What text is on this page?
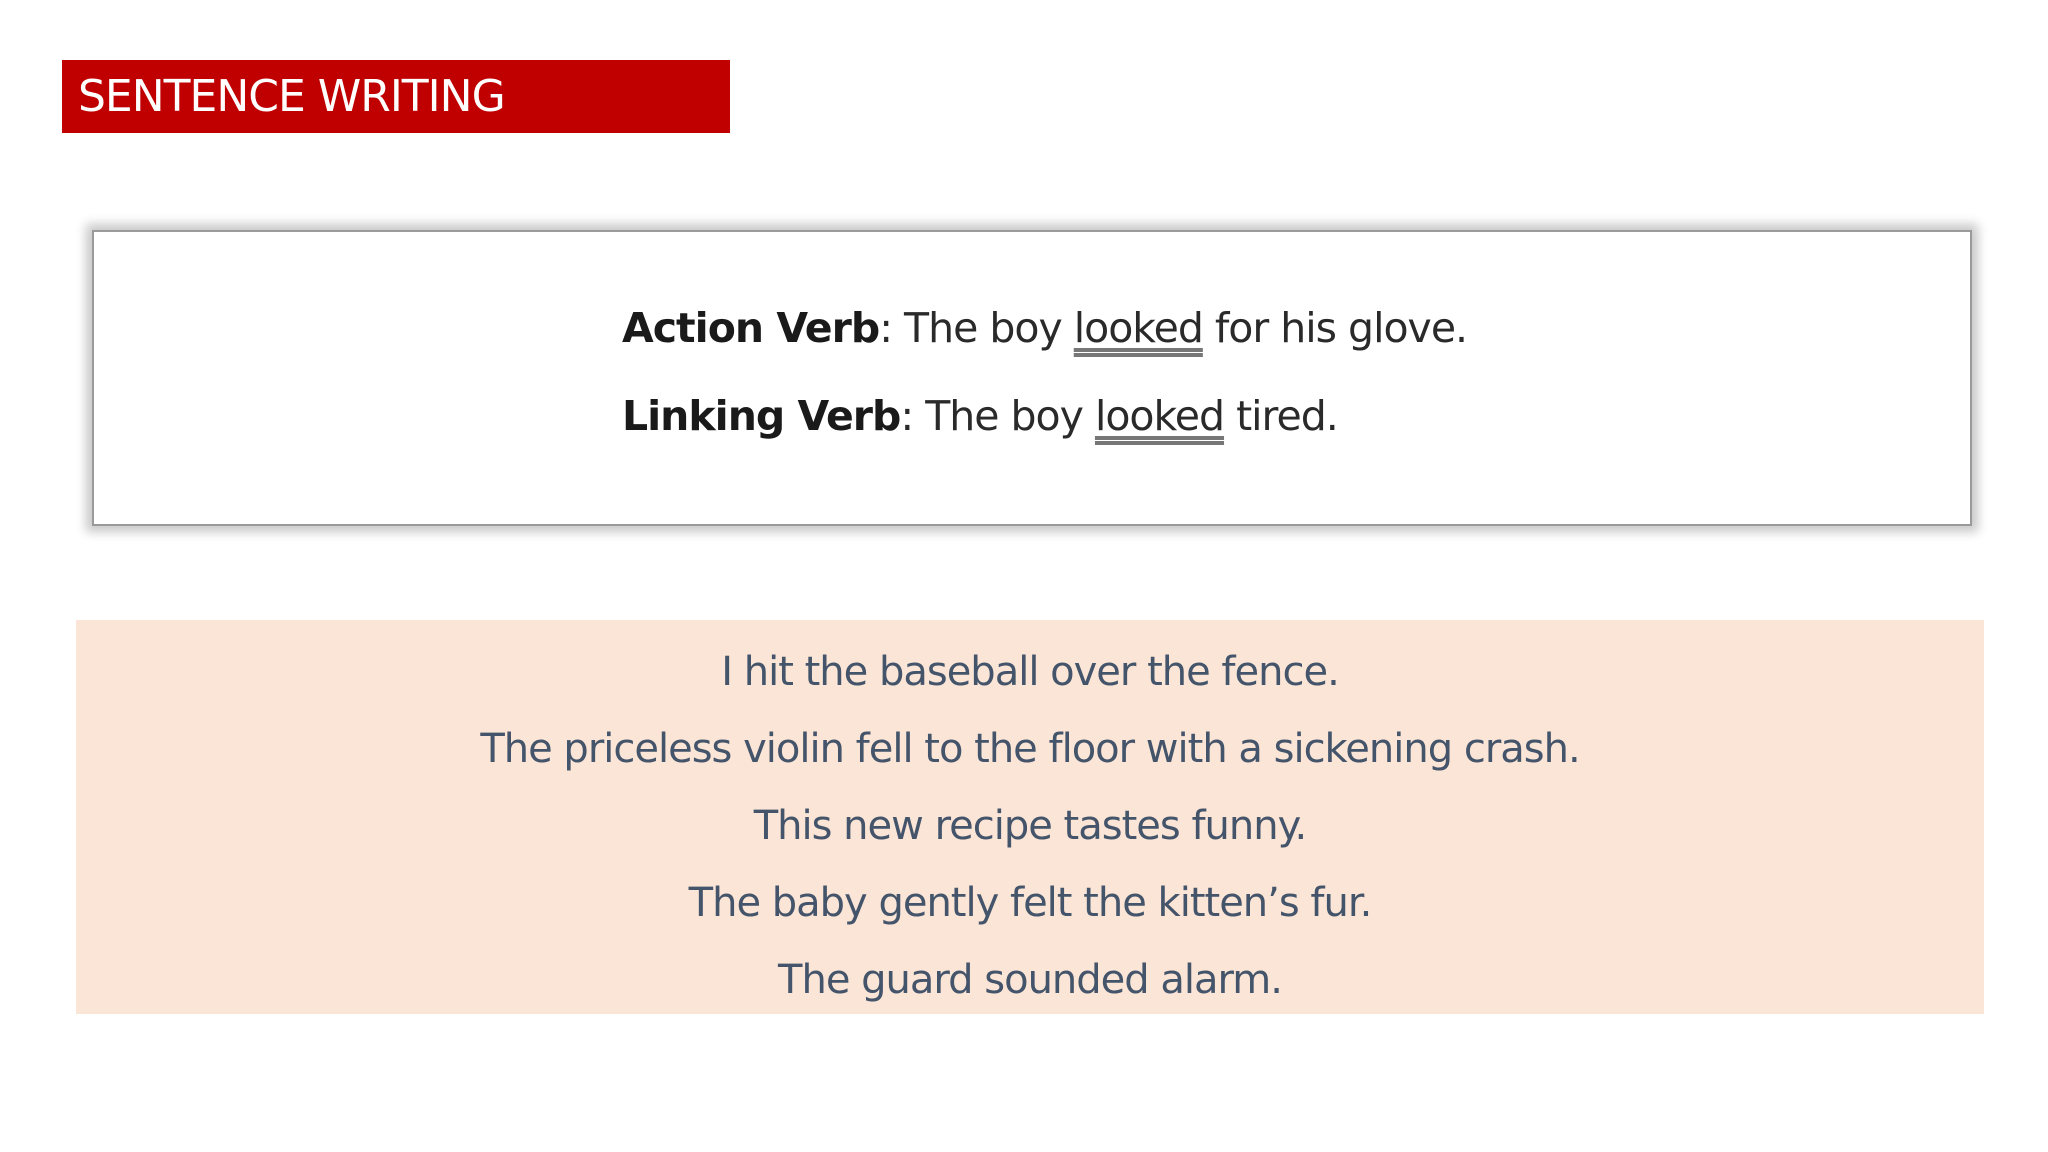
SENTENCE WRITING
Action Verb: The boy looked for his glove.
Linking Verb: The boy looked tired.
I hit the baseball over the fence.
The priceless violin fell to the floor with a sickening crash.
This new recipe tastes funny.
The baby gently felt the kitten’s fur.
The guard sounded alarm.
